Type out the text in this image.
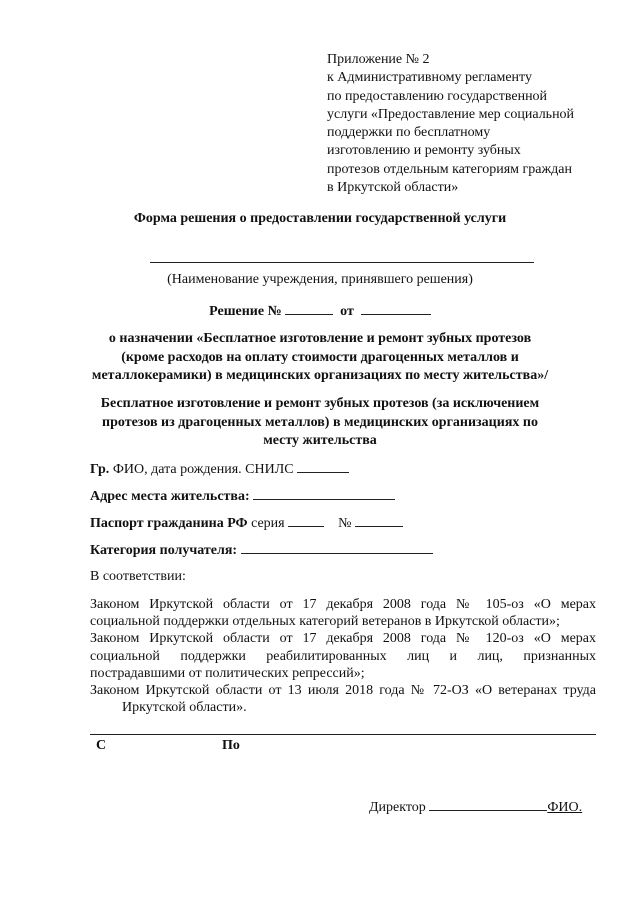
Приложение № 2
к Административному регламенту
по предоставлению государственной
услуги «Предоставление мер социальной
поддержки по бесплатному
изготовлению и ремонту зубных
протезов отдельным категориям граждан
в Иркутской области»
Форма решения о предоставлении государственной услуги
(Наименование учреждения, принявшего решения)
Решение №	от
о назначении «Бесплатное изготовление и ремонт зубных протезов
(кроме расходов на оплату стоимости драгоценных металлов и
металлокерамики) в медицинских организациях по месту жительства»/
Бесплатное изготовление и ремонт зубных протезов (за исключением
протезов из драгоценных металлов) в медицинских организациях по
месту жительства
Гр. ФИО, дата рождения. СНИЛС
Адрес места жительства:
Паспорт гражданина РФ серия	№
Категория получателя:
В соответствии:
Законом Иркутской области от 17 декабря 2008 года № 105-оз «О мерах
социальной поддержки отдельных категорий ветеранов в Иркутской области»;
Законом Иркутской области от 17 декабря 2008 года № 120-оз «О мерах
социальной поддержки реабилитированных лиц и лиц, признанных
пострадавшими от политических репрессий»;
Законом Иркутской области от 13 июля 2018 года № 72-ОЗ «О ветеранах труда
Иркутской области».
С	По
Директор	ФИО.
